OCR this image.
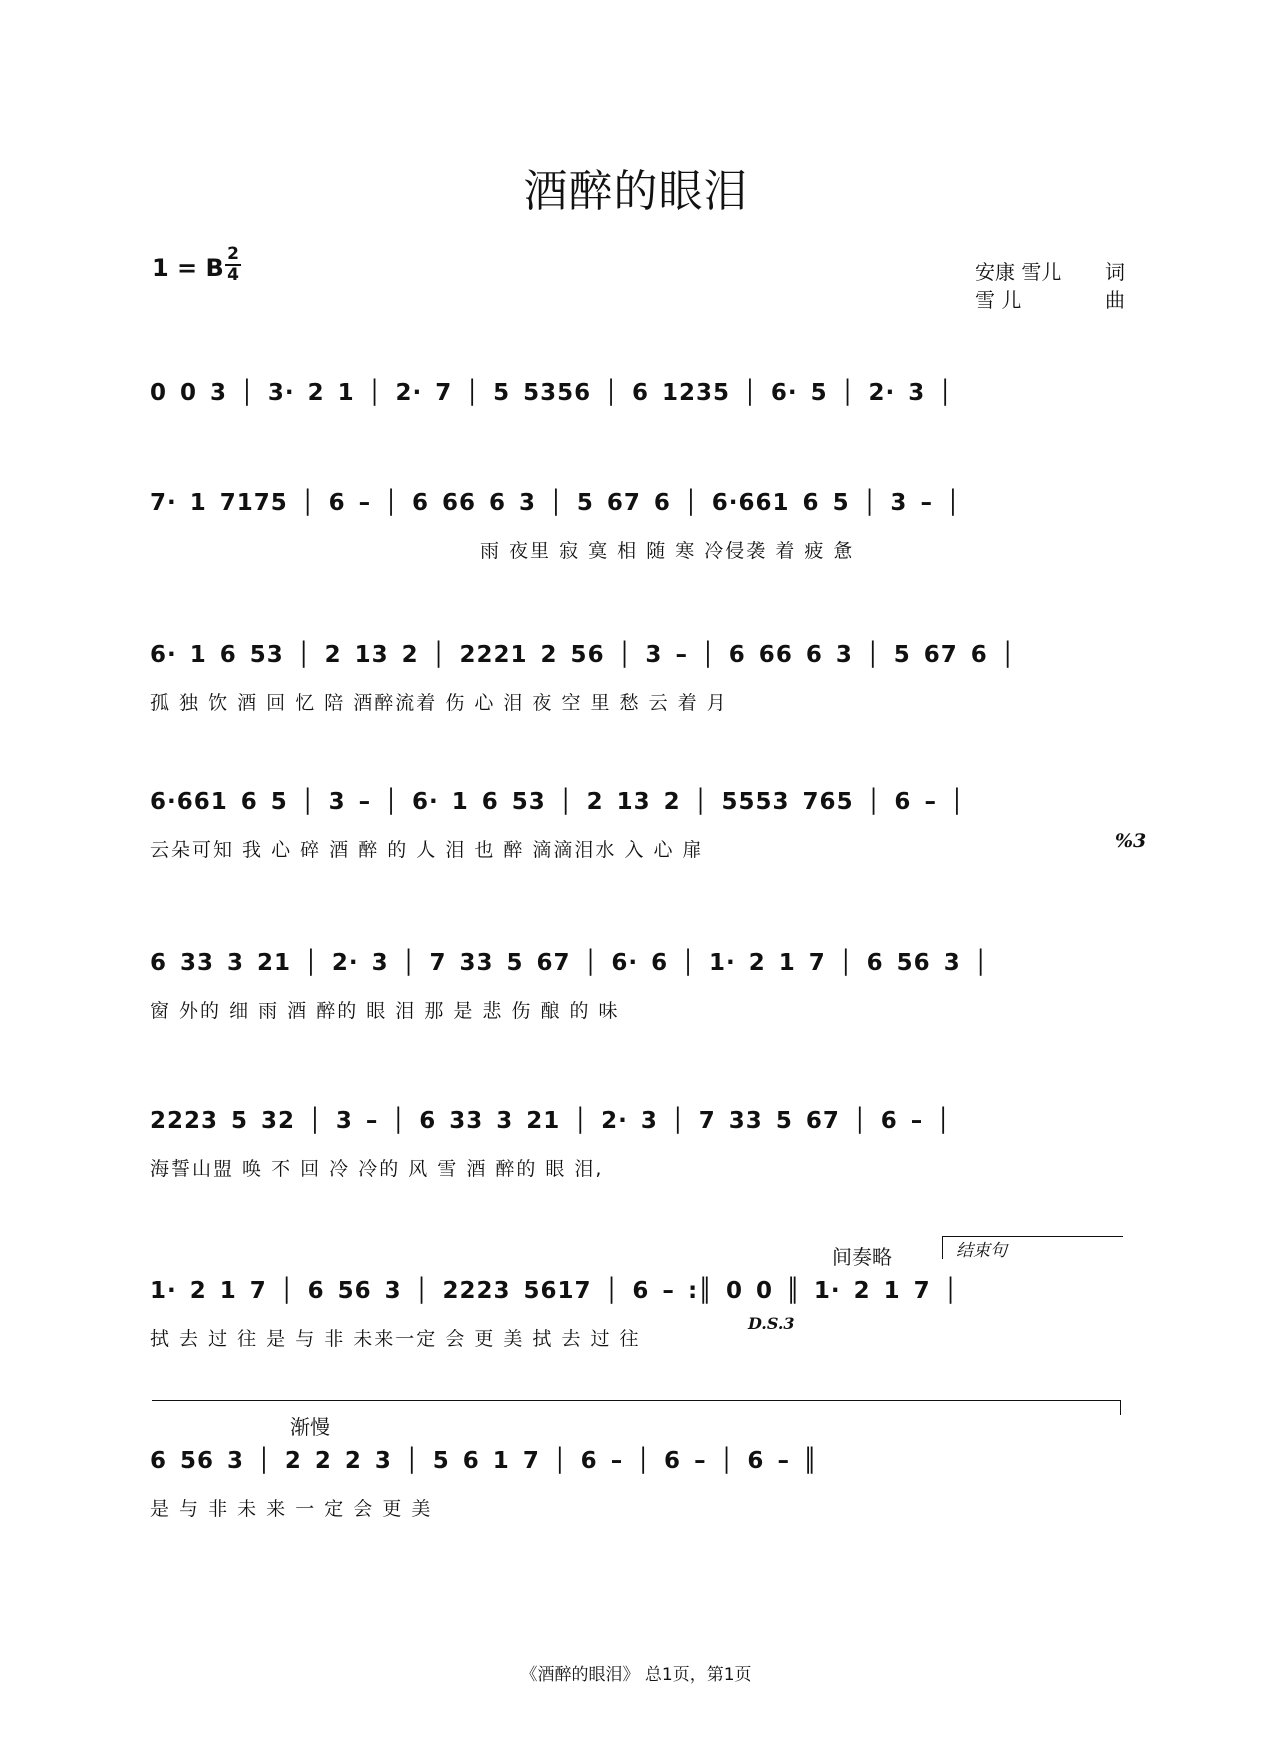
酒醉的眼泪
1 = B 2
4	安康 雪儿 词
雪 儿	曲
0 0 3 │ 3· 2 1 │ 2· 7 │ 5 5356 │ 6 1235 │ 6· 5 │ 2· 3 │
7· 1 7175 │ 6 – │ 6 66 6 3 │ 5 67 6 │ 6·661 6 5 │ 3 – │
雨 夜里 寂 寞 相 随 寒 冷侵袭 着 疲 惫
6· 1 6 53 │ 2 13 2 │ 2221 2 56 │ 3 – │ 6 66 6 3 │ 5 67 6 │
孤 独 饮 酒 回 忆 陪 酒醉流着 伤 心 泪 夜 空 里 愁 云 着 月
6·661 6 5 │ 3 – │ 6· 1 6 53 │ 2 13 2 │ 5553 765 │ 6 – │
云朵可知 我 心 碎 酒 醉 的 人 泪 也 醉 滴滴泪水 入 心 扉	%3
6 33 3 21 │ 2· 3 │ 7 33 5 67 │ 6· 6 │ 1· 2 1 7 │ 6 56 3 │
窗 外的 细 雨 酒 醉的 眼 泪 那 是 悲 伤 酿 的 味
2223 5 32 │ 3 – │ 6 33 3 21 │ 2· 3 │ 7 33 5 67 │ 6 – │
海誓山盟 唤 不 回 冷 冷的 风 雪 酒 醉的 眼 泪,
间奏略	结束句
1· 2 1 7 │ 6 56 3 │ 2223 5617 │ 6 – :║ 0 0 ║ 1· 2 1 7 │
拭 去 过 往 是 与 非 未来一定 会 更 美 拭 去 过 往
D.S.3
渐慢
6 56 3 │ 2 2 2 3 │ 5 6 1 7 │ 6 – │ 6 – │ 6 – ║
是 与 非 未 来 一 定 会 更 美
《酒醉的眼泪》 总1页，第1页
